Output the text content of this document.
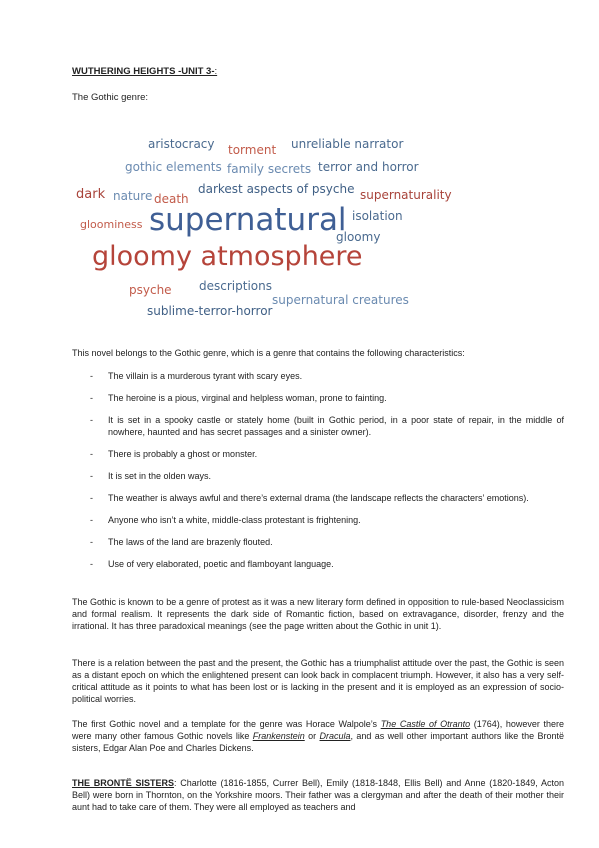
WUTHERING HEIGHTS -UNIT 3-:
The Gothic genre:
aristocracy torment unreliable narrator
gothic elements family secrets terror and horror
dark nature death
darkest aspects of psyche supernaturality
gloominess supernatural isolation
gloomy
gloomy atmosphere
psyche descriptions
supernatural creatures
sublime-terror-horror
This novel belongs to the Gothic genre, which is a genre that contains the following characteristics:
- The villain is a murderous tyrant with scary eyes.
- The heroine is a pious, virginal and helpless woman, prone to fainting.
- It is set in a spooky castle or stately home (built in Gothic period, in a poor state of repair, in the middle of nowhere, haunted and has secret passages and a sinister owner).
- There is probably a ghost or monster.
- It is set in the olden ways.
- The weather is always awful and there’s external drama (the landscape reflects the characters’ emotions).
- Anyone who isn’t a white, middle-class protestant is frightening.
- The laws of the land are brazenly flouted.
- Use of very elaborated, poetic and flamboyant language.
The Gothic is known to be a genre of protest as it was a new literary form defined in opposition to rule-based Neoclassicism and formal realism. It represents the dark side of Romantic fiction, based on extravagance, disorder, frenzy and the irrational. It has three paradoxical meanings (see the page written about the Gothic in unit 1).
There is a relation between the past and the present, the Gothic has a triumphalist attitude over the past, the Gothic is seen as a distant epoch on which the enlightened present can look back in complacent triumph. However, it also has a very self-critical attitude as it points to what has been lost or is lacking in the present and it is employed as an expression of socio-political worries.
The first Gothic novel and a template for the genre was Horace Walpole’s The Castle of Otranto (1764), however there were many other famous Gothic novels like Frankenstein or Dracula, and as well other important authors like the Brontë sisters, Edgar Alan Poe and Charles Dickens.
THE BRONTË SISTERS: Charlotte (1816-1855, Currer Bell), Emily (1818-1848, Ellis Bell) and Anne (1820-1849, Acton Bell) were born in Thornton, on the Yorkshire moors. Their father was a clergyman and after the death of their mother their aunt had to take care of them. They were all employed as teachers and
